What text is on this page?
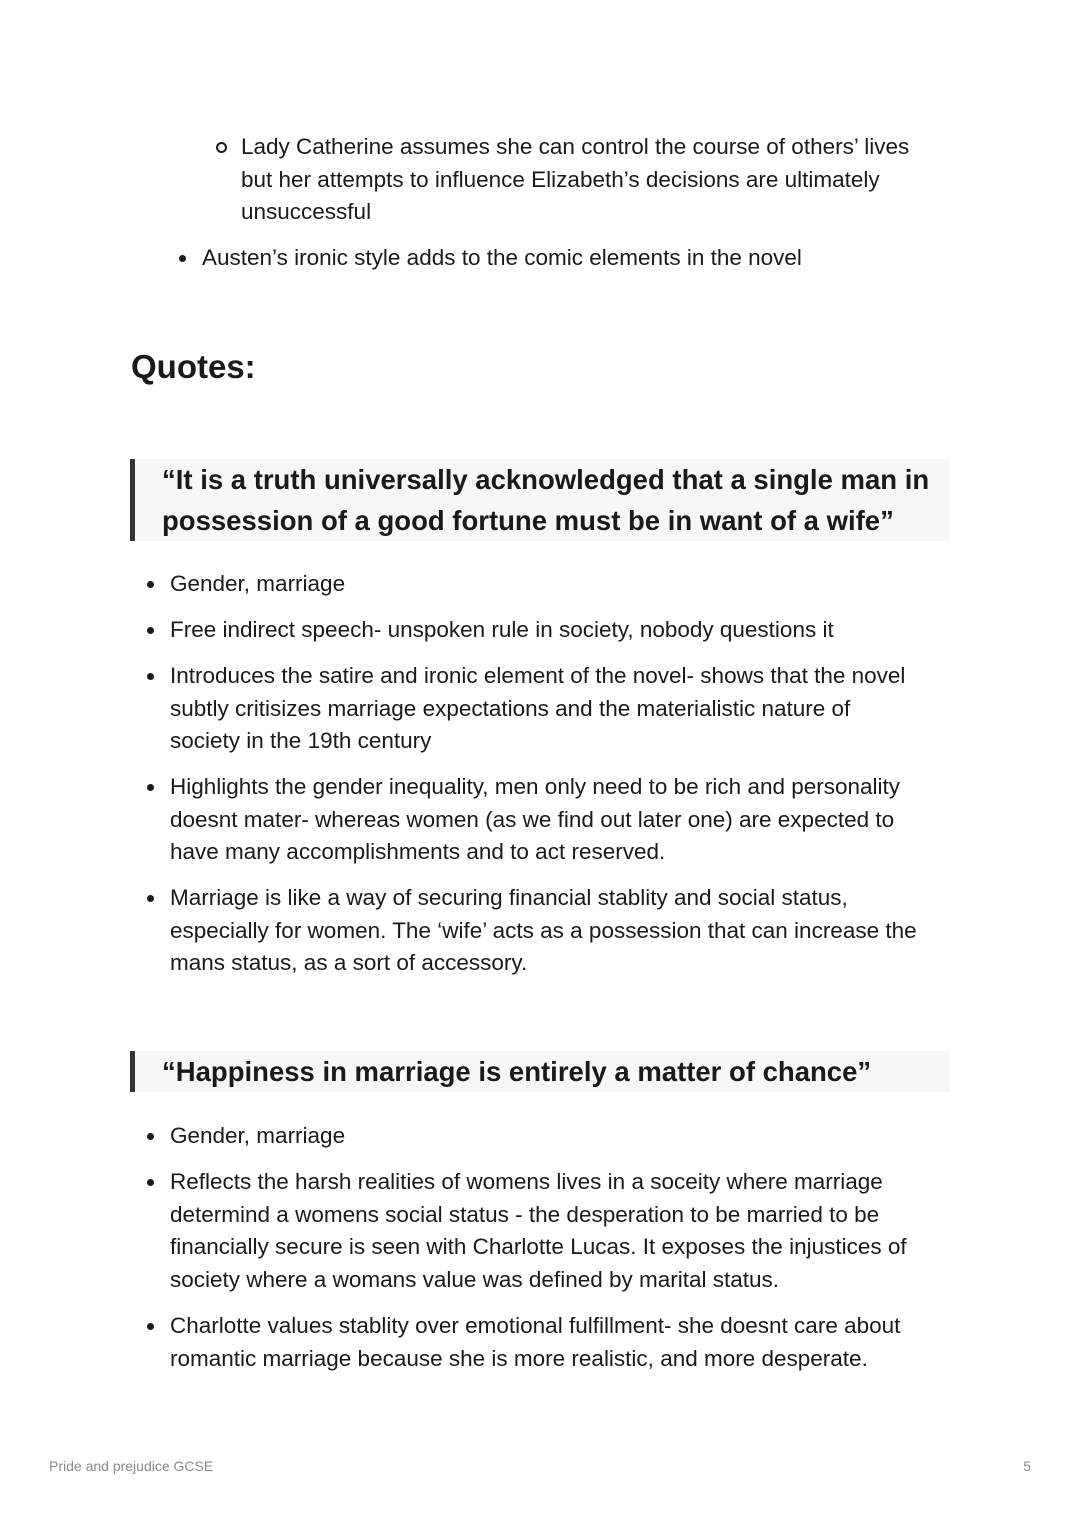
Lady Catherine assumes she can control the course of others’ lives
but her attempts to influence Elizabeth’s decisions are ultimately
unsuccessful
Austen’s ironic style adds to the comic elements in the novel
Quotes:
“It is a truth universally acknowledged that a single man in
possession of a good fortune must be in want of a wife”
“Happiness in marriage is entirely a matter of chance”
Pride and prejudice GCSE	5
Gender, marriage
Free indirect speech- unspoken rule in society, nobody questions it
Introduces the satire and ironic element of the novel- shows that the novel
subtly critisizes marriage expectations and the materialistic nature of
society in the 19th century
Highlights the gender inequality, men only need to be rich and personality
doesnt mater- whereas women (as we find out later one) are expected to
have many accomplishments and to act reserved.
Marriage is like a way of securing financial stablity and social status,
especially for women. The ‘wife’ acts as a possession that can increase the
mans status, as a sort of accessory.
Gender, marriage
Reflects the harsh realities of womens lives in a soceity where marriage
determind a womens social status - the desperation to be married to be
financially secure is seen with Charlotte Lucas. It exposes the injustices of
society where a womans value was defined by marital status.
Charlotte values stablity over emotional fulfillment- she doesnt care about
romantic marriage because she is more realistic, and more desperate.
